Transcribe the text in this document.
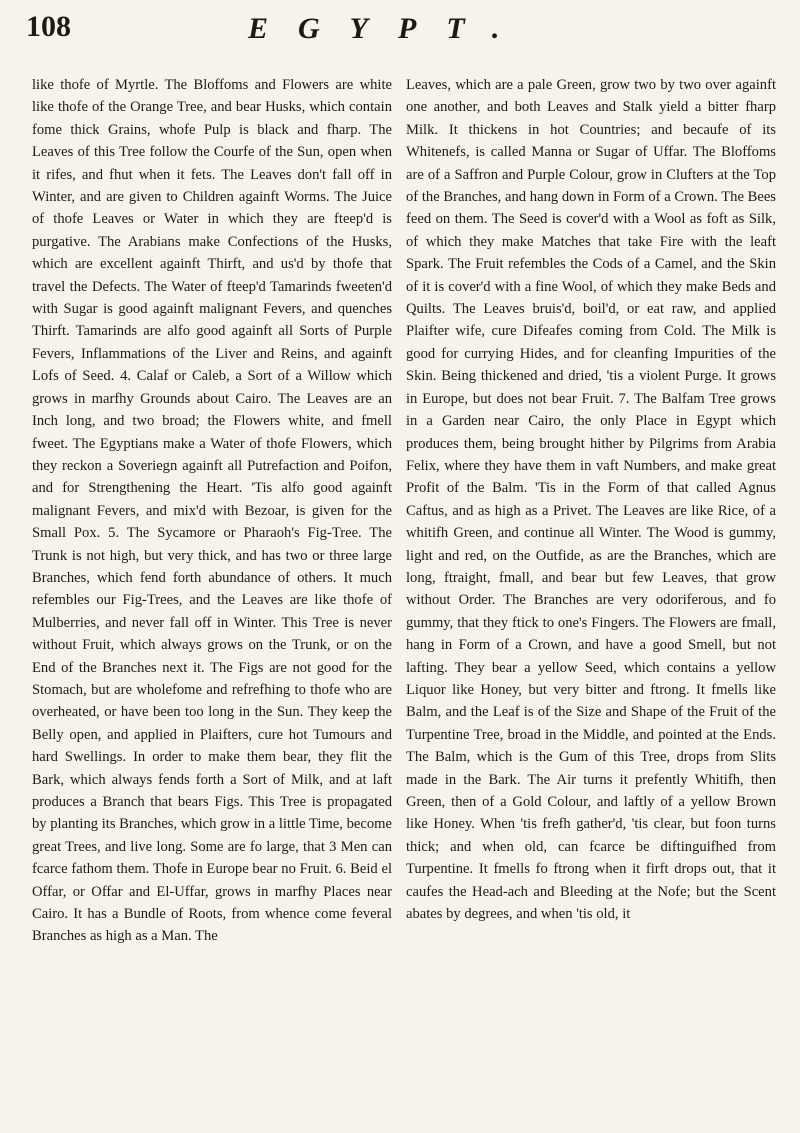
108	EGYPT.

like thofe of Myrtle. The Bloffoms and Flowers are white like thofe of the Orange Tree, and bear Husks, which contain fome thick Grains, whofe Pulp is black and fharp. The Leaves of this Tree follow the Courfe of the Sun, open when it rifes, and fhut when it fets. The Leaves don't fall off in Winter, and are given to Children againft Worms. The Juice of thofe Leaves or Water in which they are fteep'd is purgative. The Arabians make Confections of the Husks, which are excellent againft Thirft, and us'd by thofe that travel the Defects. The Water of fteep'd Tamarinds fweeten'd with Sugar is good againft malignant Fevers, and quenches Thirft. Tamarinds are alfo good againft all Sorts of Purple Fevers, Inflammations of the Liver and Reins, and againft Lofs of Seed. 4. Calaf or Caleb, a Sort of a Willow which grows in marfhy Grounds about Cairo. The Leaves are an Inch long, and two broad; the Flowers white, and fmell fweet. The Egyptians make a Water of thofe Flowers, which they reckon a Soveriegn againft all Putrefaction and Poifon, and for Strengthening the Heart. 'Tis alfo good againft malignant Fevers, and mix'd with Bezoar, is given for the Small Pox. 5. The Sycamore or Pharaoh's Fig-Tree. The Trunk is not high, but very thick, and has two or three large Branches, which fend forth abundance of others. It much refembles our Fig-Trees, and the Leaves are like thofe of Mulberries, and never fall off in Winter. This Tree is never without Fruit, which always grows on the Trunk, or on the End of the Branches next it. The Figs are not good for the Stomach, but are wholefome and refrefhing to thofe who are overheated, or have been too long in the Sun. They keep the Belly open, and applied in Plaifters, cure hot Tumours and hard Swellings. In order to make them bear, they flit the Bark, which always fends forth a Sort of Milk, and at laft produces a Branch that bears Figs. This Tree is propagated by planting its Branches, which grow in a little Time, become great Trees, and live long. Some are fo large, that 3 Men can fcarce fathom them. Thofe in Europe bear no Fruit. 6. Beid el Offar, or Offar and El-Uffar, grows in marfhy Places near Cairo. It has a Bundle of Roots, from whence come feveral Branches as high as a Man. The

Leaves, which are a pale Green, grow two by two over againft one another, and both Leaves and Stalk yield a bitter fharp Milk. It thickens in hot Countries; and becaufe of its Whitenefs, is called Manna or Sugar of Uffar. The Bloffoms are of a Saffron and Purple Colour, grow in Clufters at the Top of the Branches, and hang down in Form of a Crown. The Bees feed on them. The Seed is cover'd with a Wool as foft as Silk, of which they make Matches that take Fire with the leaft Spark. The Fruit refembles the Cods of a Camel, and the Skin of it is cover'd with a fine Wool, of which they make Beds and Quilts. The Leaves bruis'd, boil'd, or eat raw, and applied Plaifter wife, cure Difeafes coming from Cold. The Milk is good for currying Hides, and for cleanfing Impurities of the Skin. Being thickened and dried, 'tis a violent Purge. It grows in Europe, but does not bear Fruit. 7. The Balfam Tree grows in a Garden near Cairo, the only Place in Egypt which produces them, being brought hither by Pilgrims from Arabia Felix, where they have them in vaft Numbers, and make great Profit of the Balm. 'Tis in the Form of that called Agnus Caftus, and as high as a Privet. The Leaves are like Rice, of a whitifh Green, and continue all Winter. The Wood is gummy, light and red, on the Outfide, as are the Branches, which are long, ftraight, fmall, and bear but few Leaves, that grow without Order. The Branches are very odoriferous, and fo gummy, that they ftick to one's Fingers. The Flowers are fmall, hang in Form of a Crown, and have a good Smell, but not lafting. They bear a yellow Seed, which contains a yellow Liquor like Honey, but very bitter and ftrong. It fmells like Balm, and the Leaf is of the Size and Shape of the Fruit of the Turpentine Tree, broad in the Middle, and pointed at the Ends. The Balm, which is the Gum of this Tree, drops from Slits made in the Bark. The Air turns it prefently Whitifh, then Green, then of a Gold Colour, and laftly of a yellow Brown like Honey. When 'tis frefh gather'd, 'tis clear, but foon turns thick; and when old, can fcarce be diftinguifhed from Turpentine. It fmells fo ftrong when it firft drops out, that it caufes the Head-ach and Bleeding at the Nofe; but the Scent abates by degrees, and when 'tis old, it
